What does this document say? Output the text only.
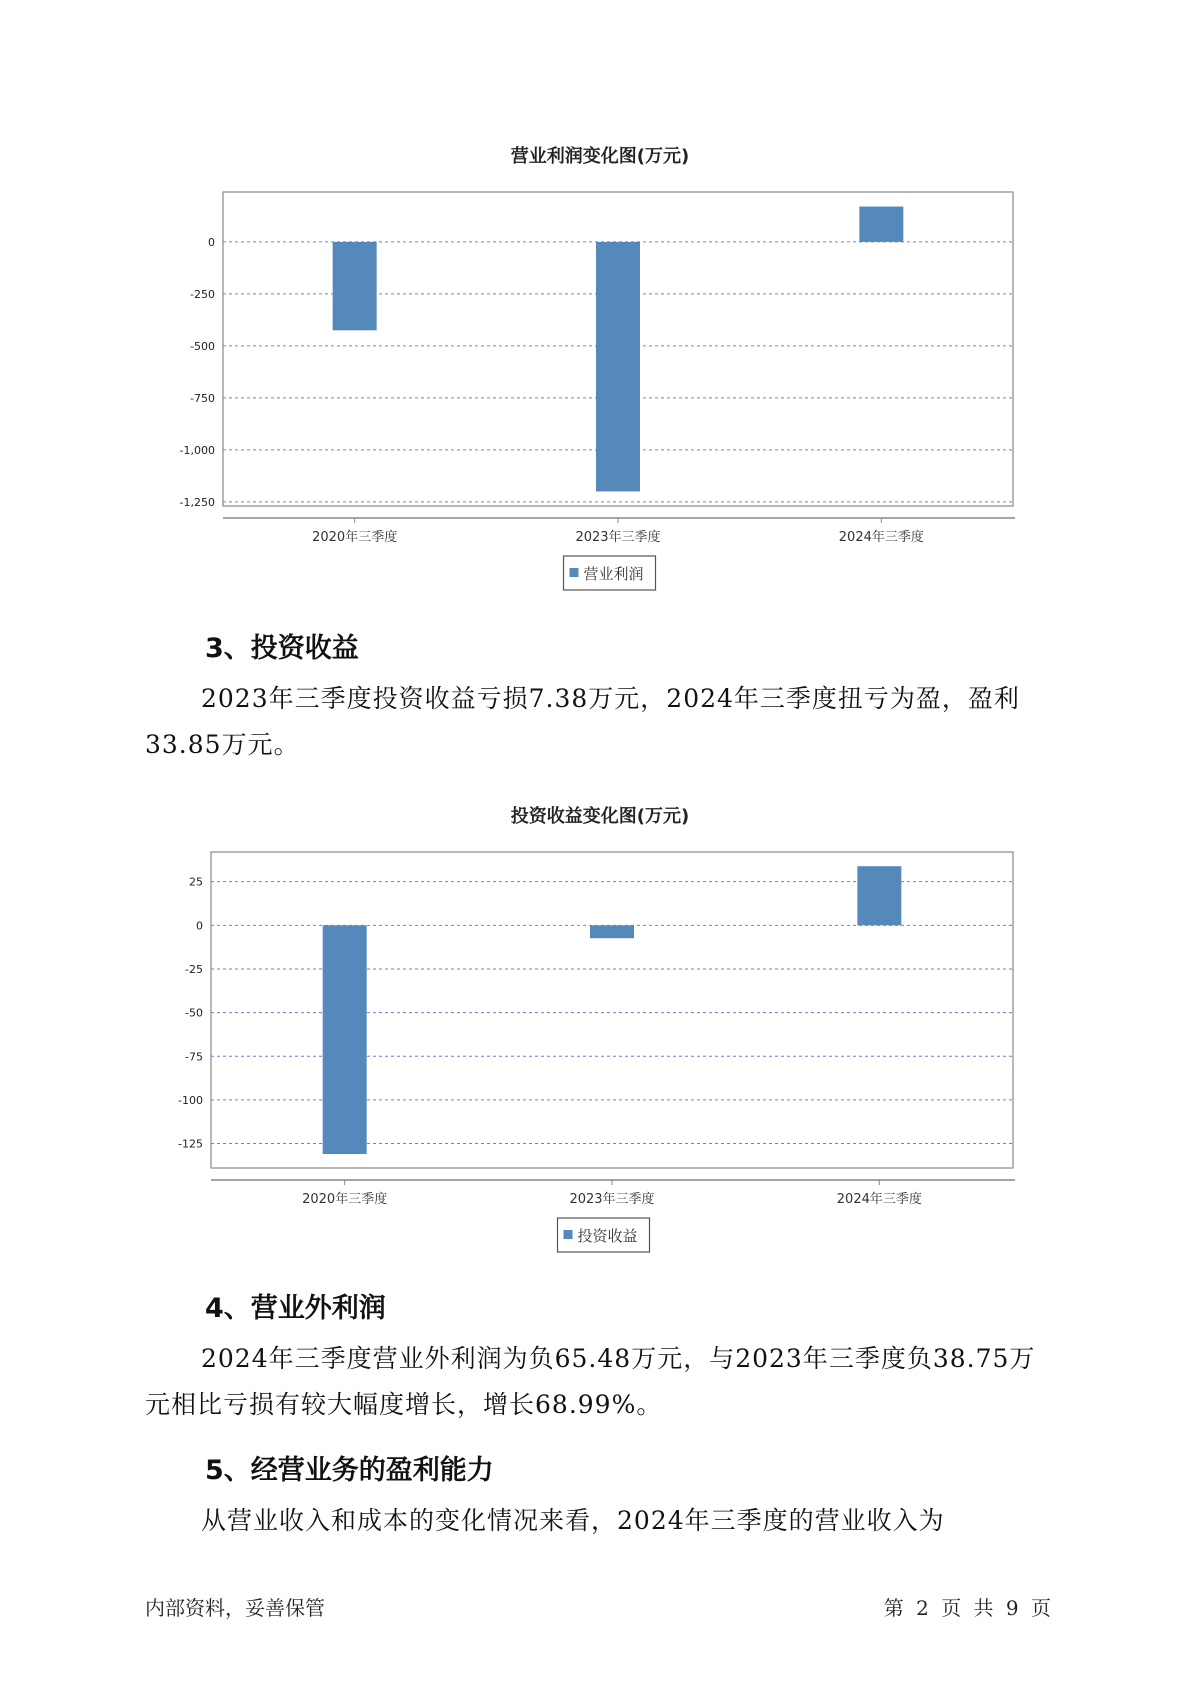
营业利润变化图(万元)
0
-250
-500
-750
-1,000
-1,250
2020年三季度	2023年三季度	2024年三季度
营业利润
3、投资收益

2023年三季度投资收益亏损7.38万元，2024年三季度扭亏为盈，盈利33.85万元。

投资收益变化图(万元)
25
0
-25
-50
-75
-100
-125
2020年三季度	2023年三季度	2024年三季度
投资收益
4、营业外利润

2024年三季度营业外利润为负65.48万元，与2023年三季度负38.75万元相比亏损有较大幅度增长，增长68.99%。

5、经营业务的盈利能力

从营业收入和成本的变化情况来看，2024年三季度的营业收入为

内部资料，妥善保管	第 2 页 共 9 页
